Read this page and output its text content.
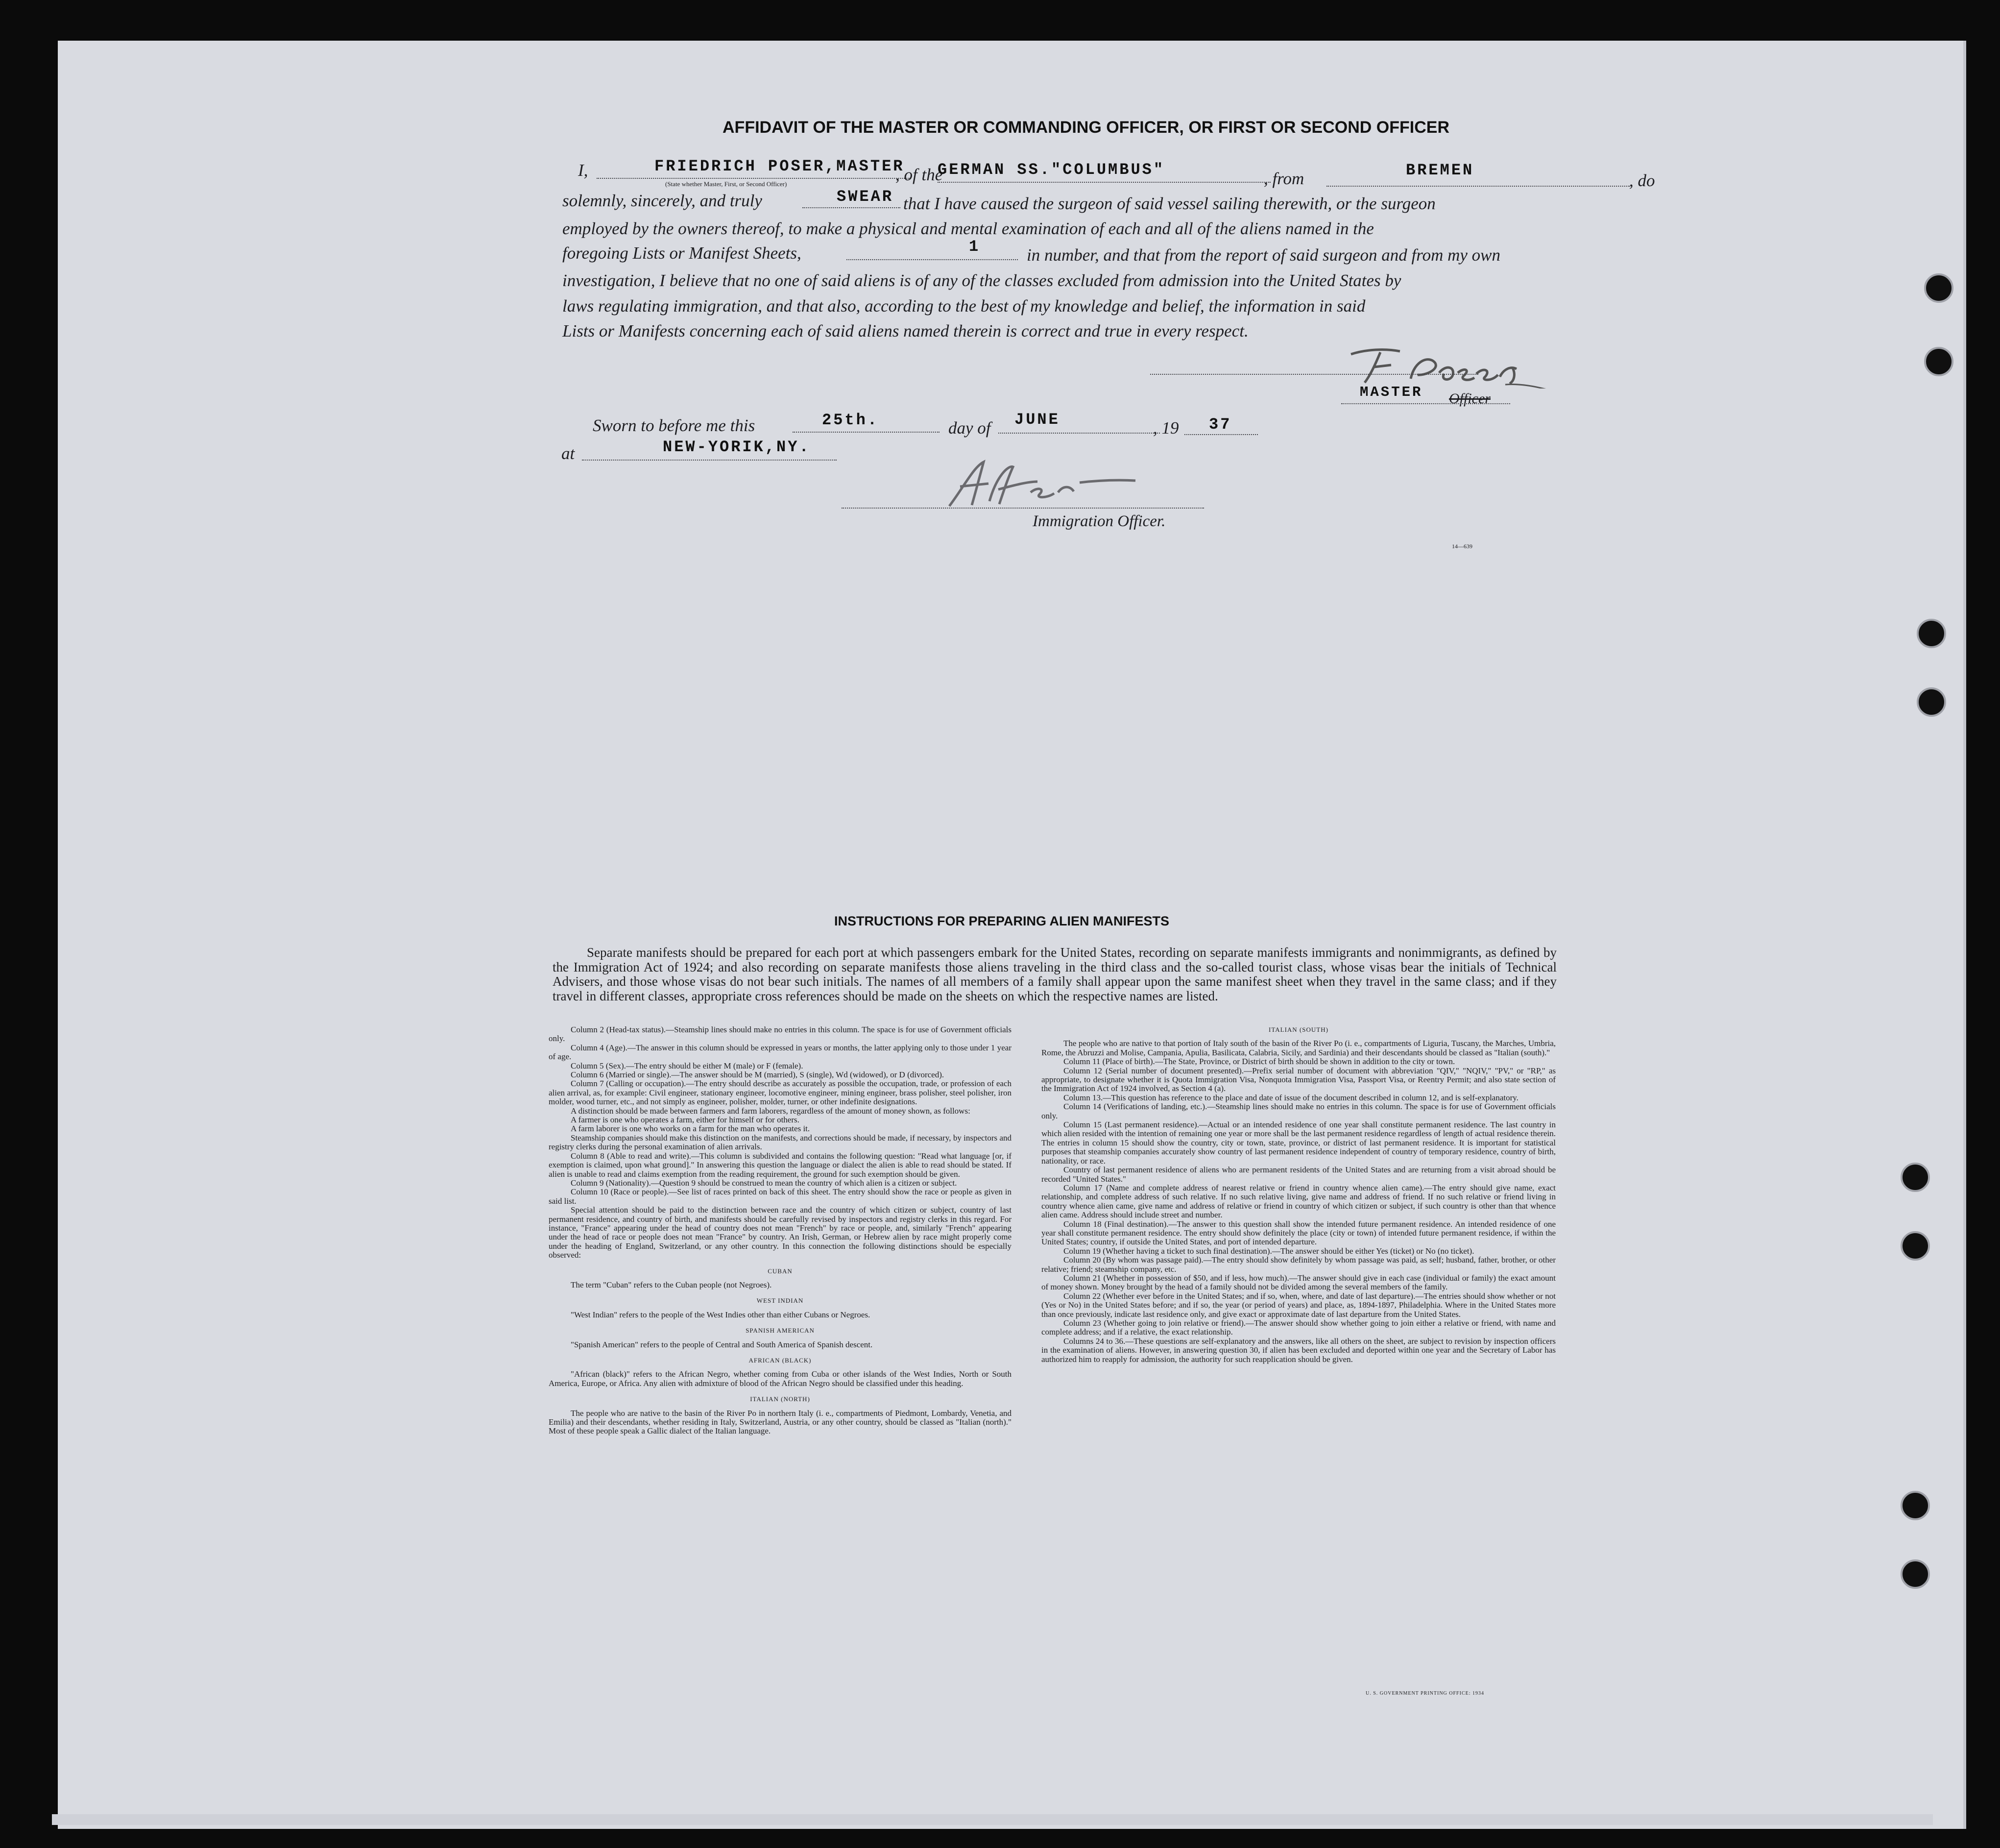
AFFIDAVIT OF THE MASTER OR COMMANDING OFFICER, OR FIRST OR SECOND OFFICER
I,	FRIEDRICH POSER,MASTER
(State whether Master, First, or Second Officer)	, of the
GERMAN SS."COLUMBUS"	, from	BREMEN
, do
solemnly, sincerely, and truly	SWEAR that I have caused the surgeon of said vessel sailing therewith, or the surgeon
employed by the owners thereof, to make a physical and mental examination of each and all of the aliens named in the
foregoing Lists or Manifest Sheets,	1	in number, and that from the report of said surgeon and from my own
investigation, I believe that no one of said aliens is of any of the classes excluded from admission into the United States by
laws regulating immigration, and that also, according to the best of my knowledge and belief, the information in said
Lists or Manifests concerning each of said aliens named therein is correct and true in every respect.
MASTER Officer
Sworn to before me this	25th.	day of JUNE	, 19 37
at	NEW-YORIK,NY.
Immigration Officer.
14—639
INSTRUCTIONS FOR PREPARING ALIEN MANIFESTS
Separate manifests should be prepared for each port at which passengers embark for the United States, recording on separate manifests immigrants and nonimmigrants, as defined by the Immigration Act of 1924; and also recording on separate manifests those aliens traveling in the third class and the so-called tourist class, whose visas bear the initials of Technical Advisers, and those whose visas do not bear such initials. The names of all members of a family shall appear upon the same manifest sheet when they travel in the same class; and if they travel in different classes, appropriate cross references should be made on the sheets on which the respective names are listed.

Column 2 (Head-tax status).—Steamship lines should make no entries in this column. The space is for use of Government officials only.

Column 4 (Age).—The answer in this column should be expressed in years or months, the latter applying only to those under 1 year of age.

Column 5 (Sex).—The entry should be either M (male) or F (female).

Column 6 (Married or single).—The answer should be M (married), S (single), Wd (widowed), or D (divorced).

Column 7 (Calling or occupation).—The entry should describe as accurately as possible the occupation, trade, or profession of each alien arrival, as, for example: Civil engineer, stationary engineer, locomotive engineer, mining engineer, brass polisher, steel polisher, iron molder, wood turner, etc., and not simply as engineer, polisher, molder, turner, or other indefinite designations.

A distinction should be made between farmers and farm laborers, regardless of the amount of money shown, as follows:

A farmer is one who operates a farm, either for himself or for others.

A farm laborer is one who works on a farm for the man who operates it.

Steamship companies should make this distinction on the manifests, and corrections should be made, if necessary, by inspectors and registry clerks during the personal examination of alien arrivals.

Column 8 (Able to read and write).—This column is subdivided and contains the following question: "Read what language [or, if exemption is claimed, upon what ground]." In answering this question the language or dialect the alien is able to read should be stated. If alien is unable to read and claims exemption from the reading requirement, the ground for such exemption should be given.

Column 9 (Nationality).—Question 9 should be construed to mean the country of which alien is a citizen or subject.

Column 10 (Race or people).—See list of races printed on back of this sheet. The entry should show the race or people as given in said list.

Special attention should be paid to the distinction between race and the country of which citizen or subject, country of last permanent residence, and country of birth, and manifests should be carefully revised by inspectors and registry clerks in this regard. For instance, "France" appearing under the head of country does not mean "French" by race or people, and, similarly "French" appearing under the head of race or people does not mean "France" by country. An Irish, German, or Hebrew alien by race might properly come under the heading of England, Switzerland, or any other country. In this connection the following distinctions should be especially observed:

CUBAN

The term "Cuban" refers to the Cuban people (not Negroes).

WEST INDIAN

"West Indian" refers to the people of the West Indies other than either Cubans or Negroes.

SPANISH AMERICAN

"Spanish American" refers to the people of Central and South America of Spanish descent.

AFRICAN (BLACK)

"African (black)" refers to the African Negro, whether coming from Cuba or other islands of the West Indies, North or South America, Europe, or Africa. Any alien with admixture of blood of the African Negro should be classified under this heading.

ITALIAN (NORTH)

The people who are native to the basin of the River Po in northern Italy (i. e., compartments of Piedmont, Lombardy, Venetia, and Emilia) and their descendants, whether residing in Italy, Switzerland, Austria, or any other country, should be classed as "Italian (north)." Most of these people speak a Gallic dialect of the Italian language.

ITALIAN (SOUTH)

The people who are native to that portion of Italy south of the basin of the River Po (i. e., compartments of Liguria, Tuscany, the Marches, Umbria, Rome, the Abruzzi and Molise, Campania, Apulia, Basilicata, Calabria, Sicily, and Sardinia) and their descendants should be classed as "Italian (south)."

Column 11 (Place of birth).—The State, Province, or District of birth should be shown in addition to the city or town.

Column 12 (Serial number of document presented).—Prefix serial number of document with abbreviation "QIV," "NQIV," "PV," or "RP," as appropriate, to designate whether it is Quota Immigration Visa, Nonquota Immigration Visa, Passport Visa, or Reentry Permit; and also state section of the Immigration Act of 1924 involved, as Section 4 (a).

Column 13.—This question has reference to the place and date of issue of the document described in column 12, and is self-explanatory.

Column 14 (Verifications of landing, etc.).—Steamship lines should make no entries in this column. The space is for use of Government officials only.

Column 15 (Last permanent residence).—Actual or an intended residence of one year shall constitute permanent residence. The last country in which alien resided with the intention of remaining one year or more shall be the last permanent residence regardless of length of actual residence therein. The entries in column 15 should show the country, city or town, state, province, or district of last permanent residence. It is important for statistical purposes that steamship companies accurately show country of last permanent residence independent of country of temporary residence, country of birth, nationality, or race.

Country of last permanent residence of aliens who are permanent residents of the United States and are returning from a visit abroad should be recorded "United States."

Column 17 (Name and complete address of nearest relative or friend in country whence alien came).—The entry should give name, exact relationship, and complete address of such relative. If no such relative living, give name and address of friend. If no such relative or friend living in country whence alien came, give name and address of relative or friend in country of which citizen or subject, if such country is other than that whence alien came. Address should include street and number.

Column 18 (Final destination).—The answer to this question shall show the intended future permanent residence. An intended residence of one year shall constitute permanent residence. The entry should show definitely the place (city or town) of intended future permanent residence, if within the United States; country, if outside the United States, and port of intended departure.

Column 19 (Whether having a ticket to such final destination).—The answer should be either Yes (ticket) or No (no ticket).

Column 20 (By whom was passage paid).—The entry should show definitely by whom passage was paid, as self; husband, father, brother, or other relative; friend; steamship company, etc.

Column 21 (Whether in possession of $50, and if less, how much).—The answer should give in each case (individual or family) the exact amount of money shown. Money brought by the head of a family should not be divided among the several members of the family.

Column 22 (Whether ever before in the United States; and if so, when, where, and date of last departure).—The entries should show whether or not (Yes or No) in the United States before; and if so, the year (or period of years) and place, as, 1894-1897, Philadelphia. Where in the United States more than once previously, indicate last residence only, and give exact or approximate date of last departure from the United States.

Column 23 (Whether going to join relative or friend).—The answer should show whether going to join either a relative or friend, with name and complete address; and if a relative, the exact relationship.

Columns 24 to 36.—These questions are self-explanatory and the answers, like all others on the sheet, are subject to revision by inspection officers in the examination of aliens. However, in answering question 30, if alien has been excluded and deported within one year and the Secretary of Labor has authorized him to reapply for admission, the authority for such reapplication should be given.

U. S. GOVERNMENT PRINTING OFFICE: 1934
